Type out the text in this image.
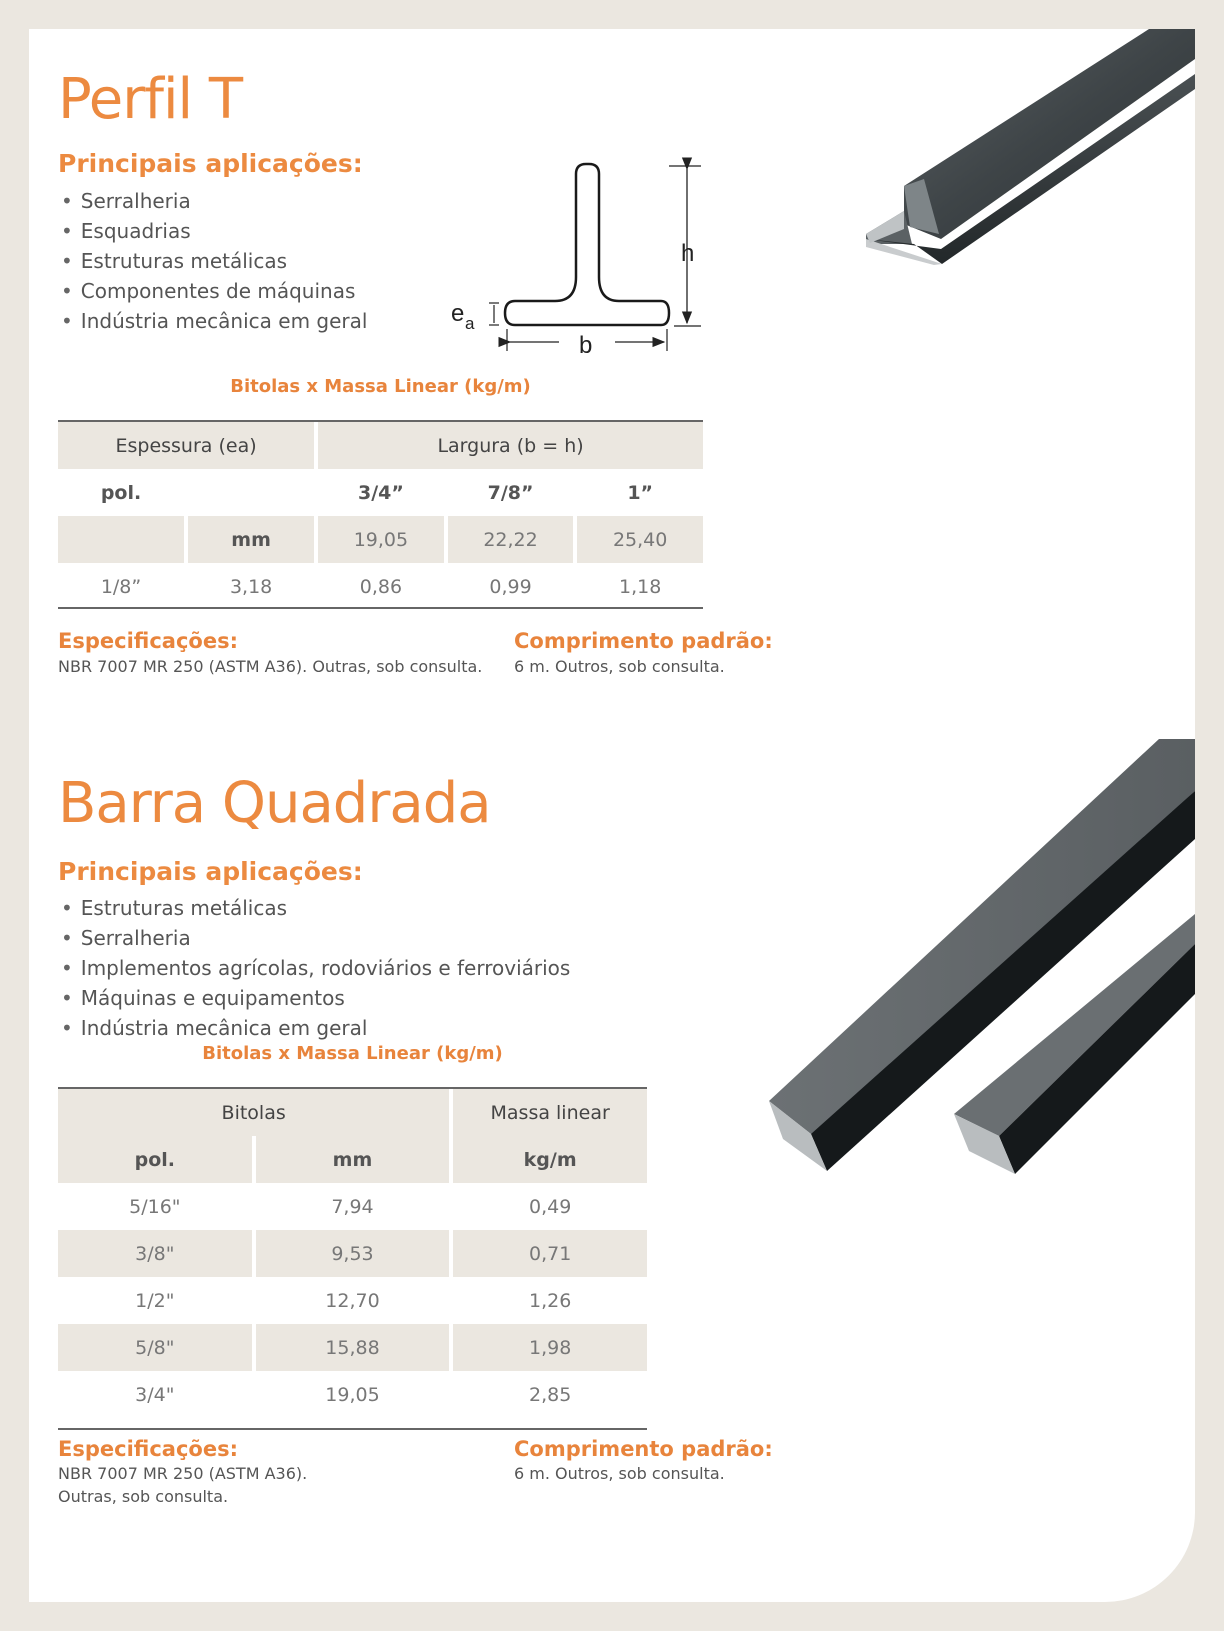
Perfil T
Principais aplicações:
• Serralheria
• Esquadrias
• Estruturas metálicas
• Componentes de máquinas
• Indústria mecânica em geral
h
b
e a
Bitolas x Massa Linear (kg/m)
Espessura (ea)		Largura (b = h)		
pol.		3/4”	7/8”	1”
	mm	19,05	22,22	25,40
1/8”	3,18	0,86	0,99	1,18
Especificações:
NBR 7007 MR 250 (ASTM A36). Outras, sob consulta.
Comprimento padrão:
6 m. Outros, sob consulta.
Barra Quadrada
Principais aplicações:
• Estruturas metálicas
• Serralheria
• Implementos agrícolas, rodoviários e ferroviários
• Máquinas e equipamentos
• Indústria mecânica em geral
Bitolas x Massa Linear (kg/m)
Bitolas		Massa linear
pol.	mm	kg/m
5/16"	7,94	0,49
3/8"	9,53	0,71
1/2"	12,70	1,26
5/8"	15,88	1,98
3/4"	19,05	2,85
Especificações:
NBR 7007 MR 250 (ASTM A36).
Outras, sob consulta.
Comprimento padrão:
6 m. Outros, sob consulta.
